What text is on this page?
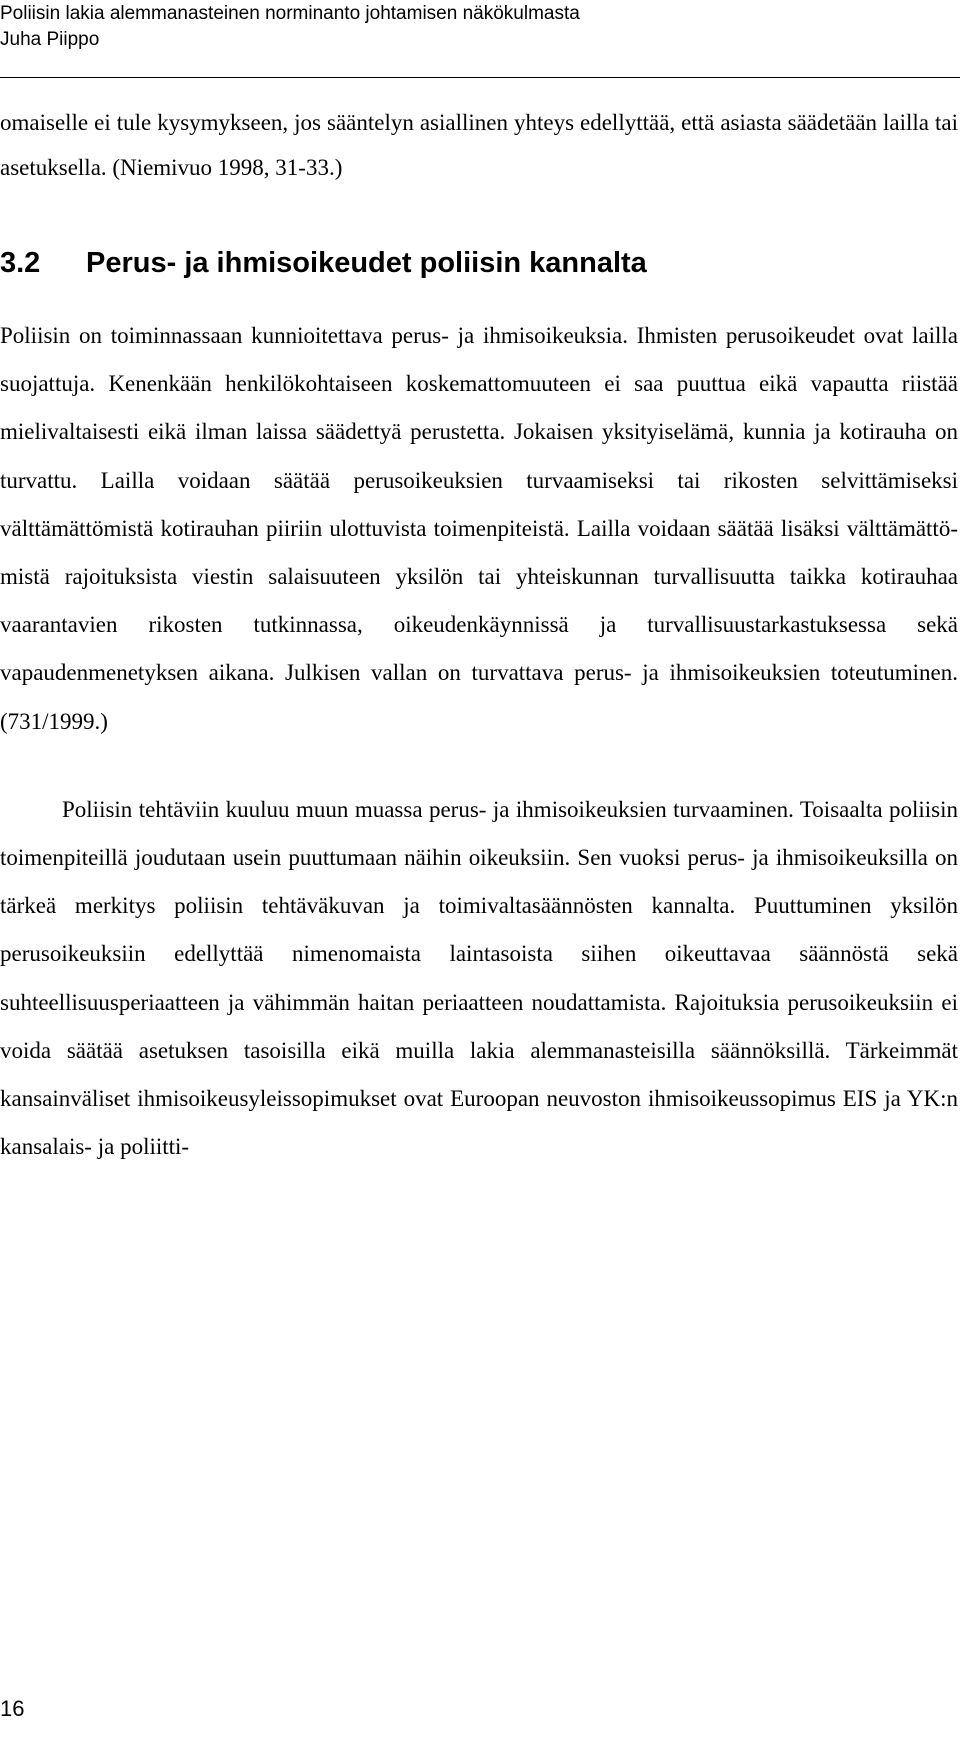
Poliisin lakia alemmanasteinen norminanto johtamisen näkökulmasta
Juha Piippo

omaiselle ei tule kysymykseen, jos sääntelyn asiallinen yhteys edellyttää, että asiasta säädetään lailla tai asetuksella. (Niemivuo 1998, 31-33.)

3.2 Perus- ja ihmisoikeudet poliisin kannalta

Poliisin on toiminnassaan kunnioitettava perus- ja ihmisoikeuksia. Ihmisten perusoikeudet ovat lailla suojattuja. Kenenkään henkilökohtaiseen koskemattomuuteen ei saa puuttua eikä vapautta riistää mielivaltaisesti eikä ilman laissa säädettyä perustetta. Jokaisen yksityiselämä, kunnia ja kotirauha on turvattu. Lailla voidaan säätää perusoikeuksien turvaamiseksi tai rikosten selvittämiseksi välttämättömistä kotirauhan piiriin ulottuvista toimenpiteistä. Lailla voidaan säätää lisäksi välttämättömistä rajoituksista viestin salaisuuteen yksilön tai yhteiskunnan turvallisuutta taikka kotirauhaa vaarantavien rikosten tutkinnassa, oikeudenkäynnissä ja turvallisuustarkastuksessa sekä vapaudenmenetyksen aikana. Julkisen vallan on turvattava perus- ja ihmisoikeuksien toteutuminen. (731/1999.)

Poliisin tehtäviin kuuluu muun muassa perus- ja ihmisoikeuksien turvaaminen. Toisaalta poliisin toimenpiteillä joudutaan usein puuttumaan näihin oikeuksiin. Sen vuoksi perus- ja ihmisoikeuksilla on tärkeä merkitys poliisin tehtäväkuvan ja toimivaltasäännösten kannalta. Puuttuminen yksilön perusoikeuksiin edellyttää nimenomaista laintasoista siihen oikeuttavaa säännöstä sekä suhteellisuusperiaatteen ja vähimmän haitan periaatteen noudattamista. Rajoituksia perusoikeuksiin ei voida säätää asetuksen tasoisilla eikä muilla lakia alemmanasteisilla säännöksillä. Tärkeimmät kansainväliset ihmisoikeusyleissopimukset ovat Euroopan neuvoston ihmisoikeussopimus EIS ja YK:n kansalais- ja poliitti-

16
